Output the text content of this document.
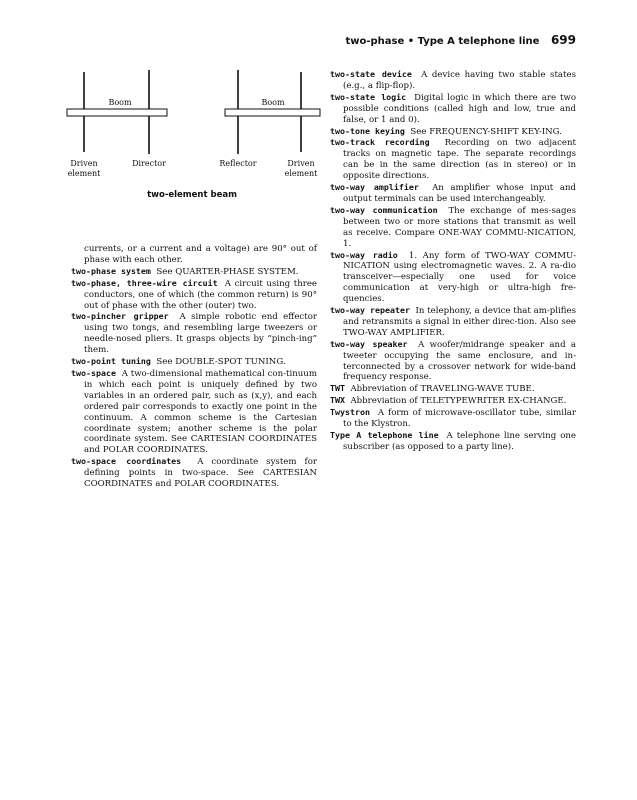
two-phase • Type A telephone line 699
Boom	Boom
Driven
element
Director	Reflector	Driven
element
two-element beam

currents, or a current and a voltage) are 90° out of phase with each other.

two-phase system See QUARTER-PHASE SYSTEM.

two-phase, three-wire circuit A circuit using three conductors, one of which (the common return) is 90° out of phase with the other (outer) two.

two-pincher gripper A simple robotic end effector using two tongs, and resembling large tweezers or needle-nosed pliers. It grasps objects by “pinch-ing” them.

two-point tuning See DOUBLE-SPOT TUNING.

two-space A two-dimensional mathematical con-tinuum in which each point is uniquely defined by two variables in an ordered pair, such as (x,y), and each ordered pair corresponds to exactly one point in the continuum. A common scheme is the Cartesian coordinate system; another scheme is the polar coordinate system. See CARTESIAN COORDINATES and POLAR COORDINATES.

two-space coordinates A coordinate system for defining points in two-space. See CARTESIAN COORDINATES and POLAR COORDINATES.

two-state device A device having two stable states (e.g., a flip-flop).

two-state logic Digital logic in which there are two possible conditions (called high and low, true and false, or 1 and 0).

two-tone keying See FREQUENCY-SHIFT KEY-ING.

two-track recording Recording on two adjacent tracks on magnetic tape. The separate recordings can be in the same direction (as in stereo) or in opposite directions.

two-way amplifier An amplifier whose input and output terminals can be used interchangeably.

two-way communication The exchange of mes-sages between two or more stations that transmit as well as receive. Compare ONE-WAY COMMU-NICATION, 1.

two-way radio 1. Any form of TWO-WAY COMMU-NICATION using electromagnetic waves. 2. A ra-dio transceiver—especially one used for voice communication at very-high or ultra-high fre-quencies.

two-way repeater In telephony, a device that am-plifies and retransmits a signal in either direc-tion. Also see TWO-WAY AMPLIFIER.

two-way speaker A woofer/midrange speaker and a tweeter occupying the same enclosure, and in-terconnected by a crossover network for wide-band frequency response.

TWT Abbreviation of TRAVELING-WAVE TUBE.

TWX Abbreviation of TELETYPEWRITER EX-CHANGE.

Twystron A form of microwave-oscillator tube, similar to the Klystron.

Type A telephone line A telephone line serving one subscriber (as opposed to a party line).
